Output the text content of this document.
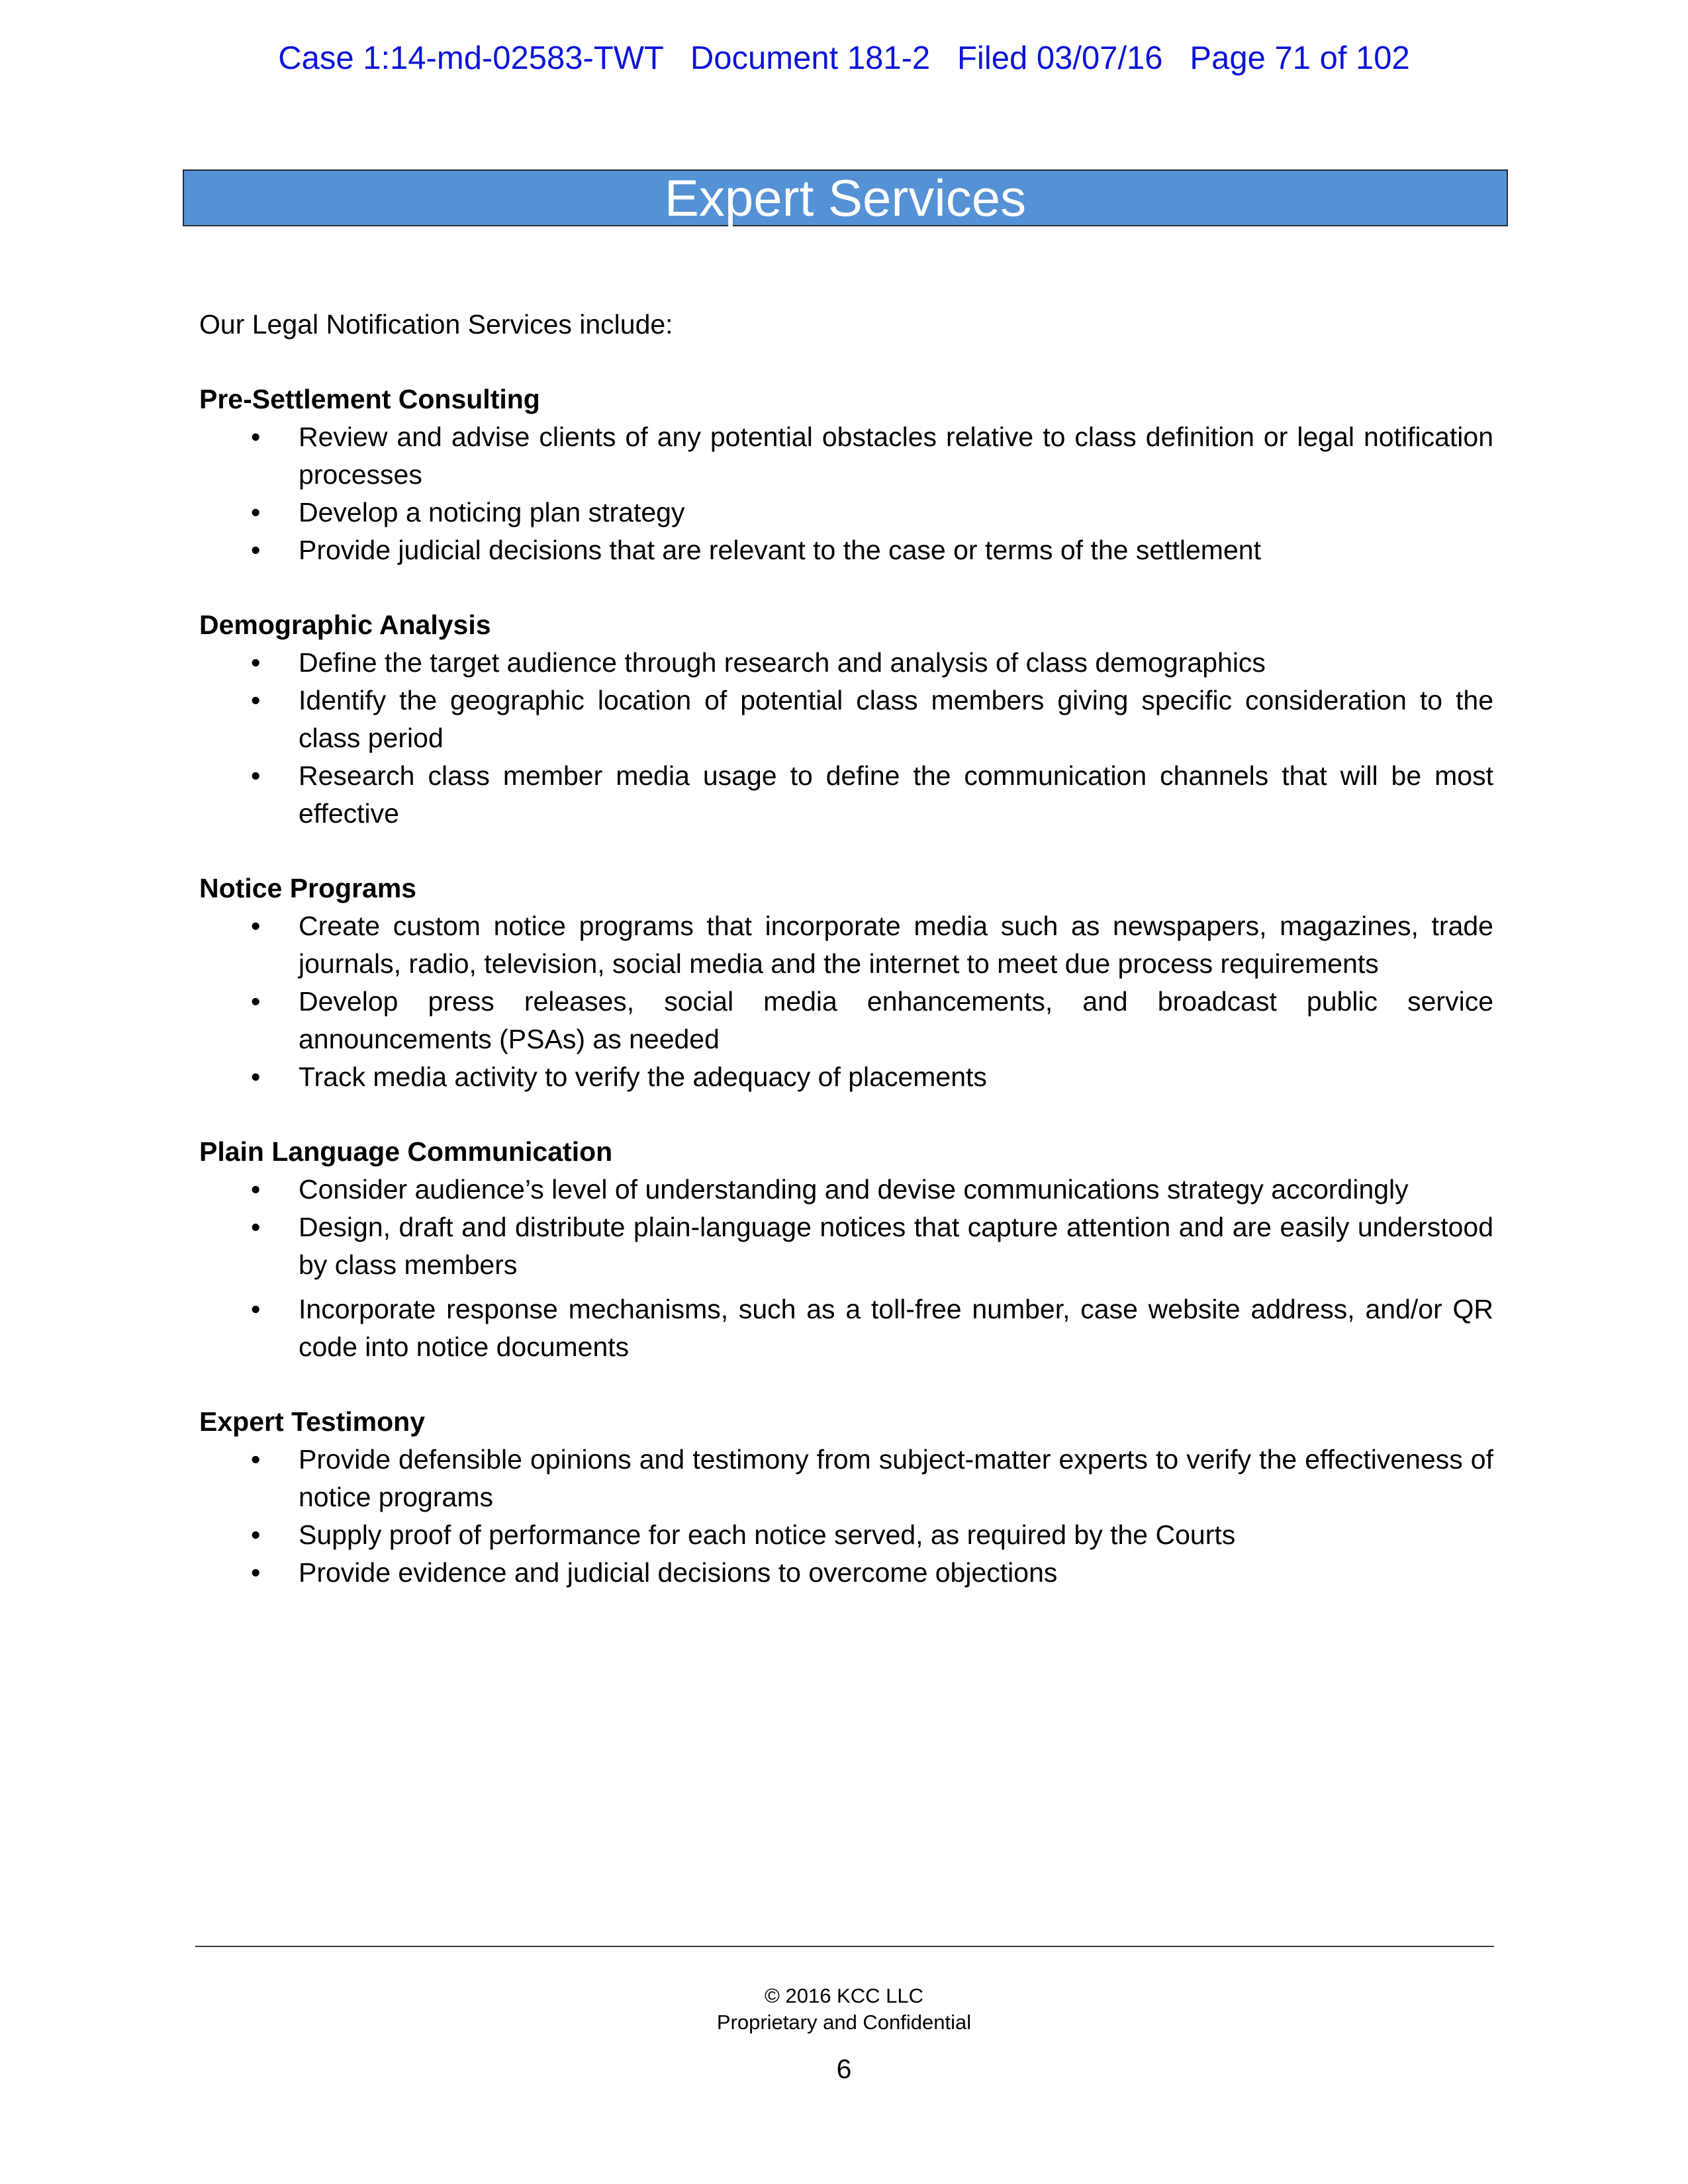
Case 1:14-md-02583-TWT   Document 181-2   Filed 03/07/16   Page 71 of 102
Expert Services

Our Legal Notification Services include:

Pre-Settlement Consulting

• Review and advise clients of any potential obstacles relative to class definition or legal notification processes
• Develop a noticing plan strategy
• Provide judicial decisions that are relevant to the case or terms of the settlement

Demographic Analysis

• Define the target audience through research and analysis of class demographics
• Identify the geographic location of potential class members giving specific consideration to the class period
• Research class member media usage to define the communication channels that will be most effective

Notice Programs

• Create custom notice programs that incorporate media such as newspapers, magazines, trade journals, radio, television, social media and the internet to meet due process requirements
• Develop press releases, social media enhancements, and broadcast public service announcements (PSAs) as needed
• Track media activity to verify the adequacy of placements

Plain Language Communication

• Consider audience’s level of understanding and devise communications strategy accordingly
• Design, draft and distribute plain-language notices that capture attention and are easily understood by class members
• Incorporate response mechanisms, such as a toll-free number, case website address, and/or QR code into notice documents

Expert Testimony

• Provide defensible opinions and testimony from subject-matter experts to verify the effectiveness of notice programs
• Supply proof of performance for each notice served, as required by the Courts
• Provide evidence and judicial decisions to overcome objections
© 2016 KCC LLC
Proprietary and Confidential
6
